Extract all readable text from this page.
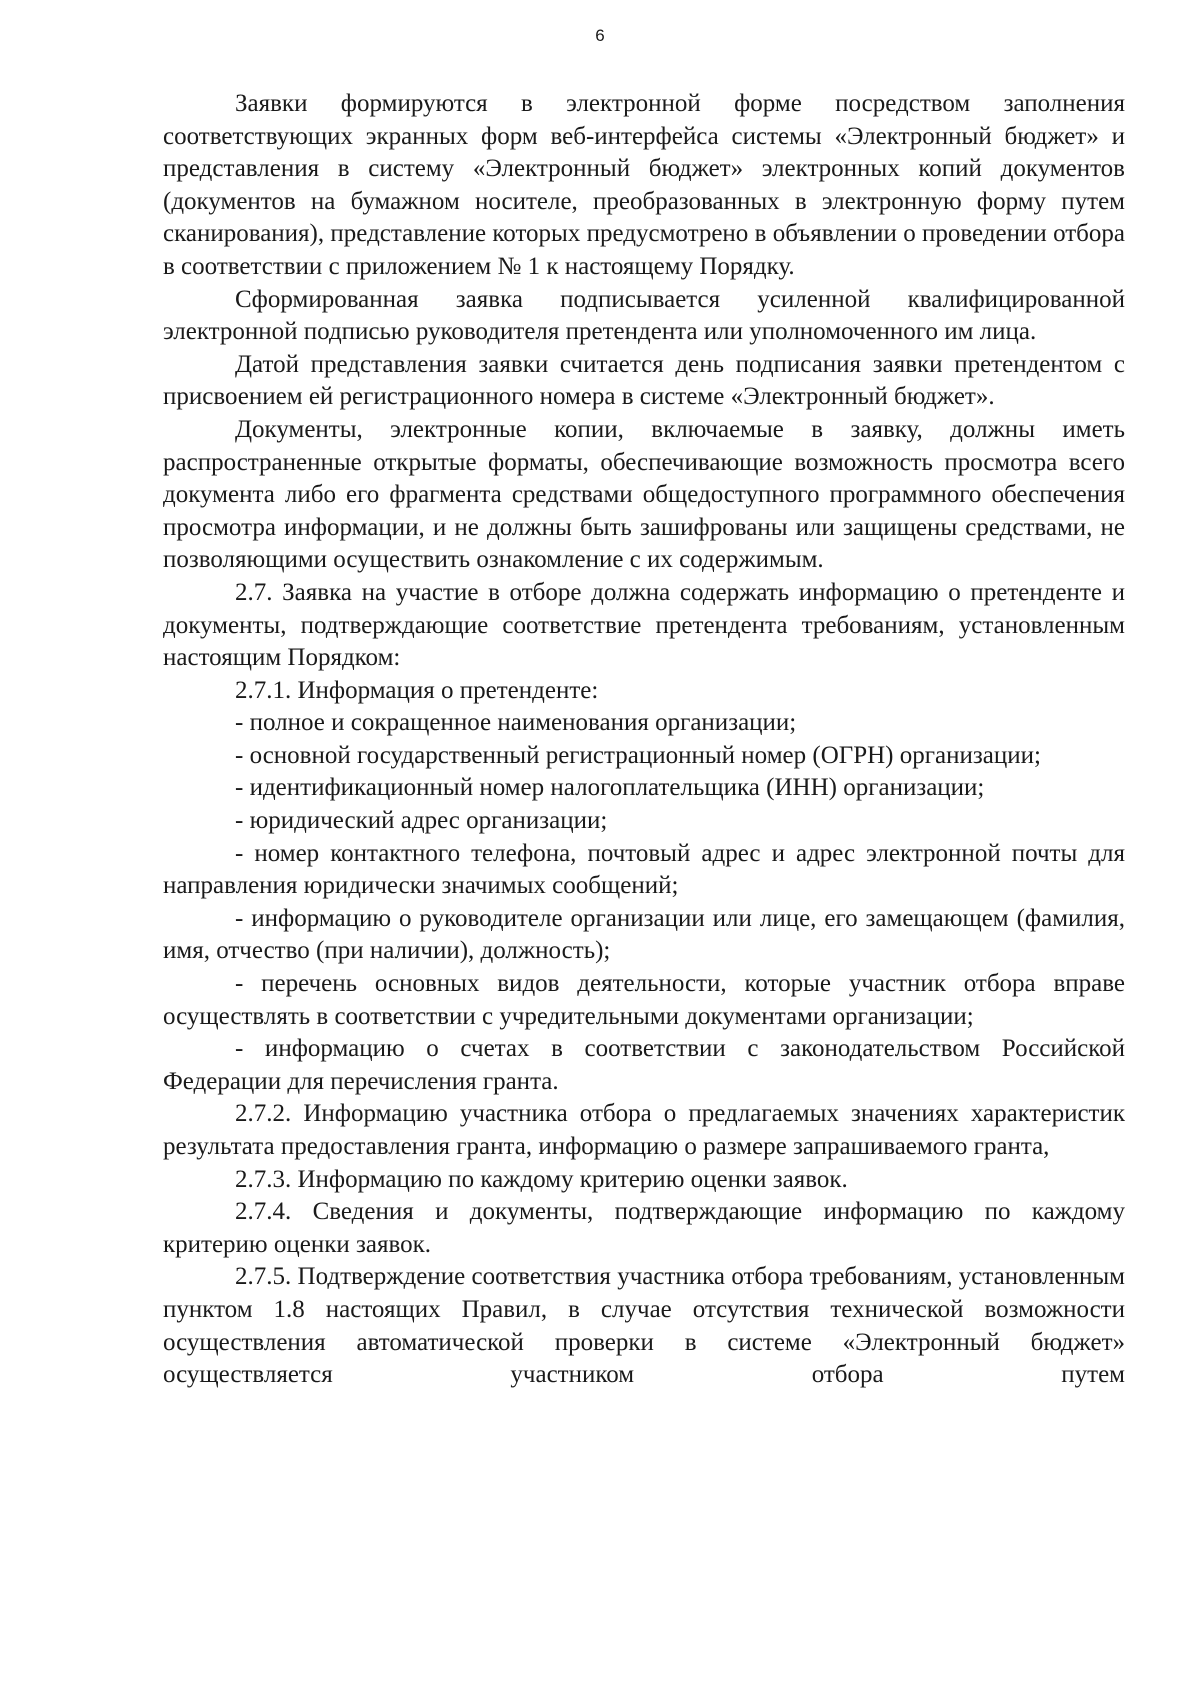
6

Заявки формируются в электронной форме посредством заполнения соответствующих экранных форм веб-интерфейса системы «Электронный бюджет» и представления в систему «Электронный бюджет» электронных копий документов (документов на бумажном носителе, преобразованных в электронную форму путем сканирования), представление которых предусмотрено в объявлении о проведении отбора в соответствии с приложением № 1 к настоящему Порядку.

Сформированная заявка подписывается усиленной квалифицированной электронной подписью руководителя претендента или уполномоченного им лица.

Датой представления заявки считается день подписания заявки претендентом с присвоением ей регистрационного номера в системе «Электронный бюджет».

Документы, электронные копии, включаемые в заявку, должны иметь распространенные открытые форматы, обеспечивающие возможность просмотра всего документа либо его фрагмента средствами общедоступного программного обеспечения просмотра информации, и не должны быть зашифрованы или защищены средствами, не позволяющими осуществить ознакомление с их содержимым.

2.7. Заявка на участие в отборе должна содержать информацию о претенденте и документы, подтверждающие соответствие претендента требованиям, установленным настоящим Порядком:

2.7.1. Информация о претенденте:

- полное и сокращенное наименования организации;

- основной государственный регистрационный номер (ОГРН) организации;

- идентификационный номер налогоплательщика (ИНН) организации;

- юридический адрес организации;

- номер контактного телефона, почтовый адрес и адрес электронной почты для направления юридически значимых сообщений;

- информацию о руководителе организации или лице, его замещающем (фамилия, имя, отчество (при наличии), должность);

- перечень основных видов деятельности, которые участник отбора вправе осуществлять в соответствии с учредительными документами организации;

- информацию о счетах в соответствии с законодательством Российской Федерации для перечисления гранта.

2.7.2. Информацию участника отбора о предлагаемых значениях характеристик результата предоставления гранта, информацию о размере запрашиваемого гранта,

2.7.3. Информацию по каждому критерию оценки заявок.

2.7.4. Сведения и документы, подтверждающие информацию по каждому критерию оценки заявок.

2.7.5. Подтверждение соответствия участника отбора требованиям, установленным пунктом 1.8 настоящих Правил, в случае отсутствия технической возможности осуществления автоматической проверки в системе «Электронный бюджет» осуществляется участником отбора путем
